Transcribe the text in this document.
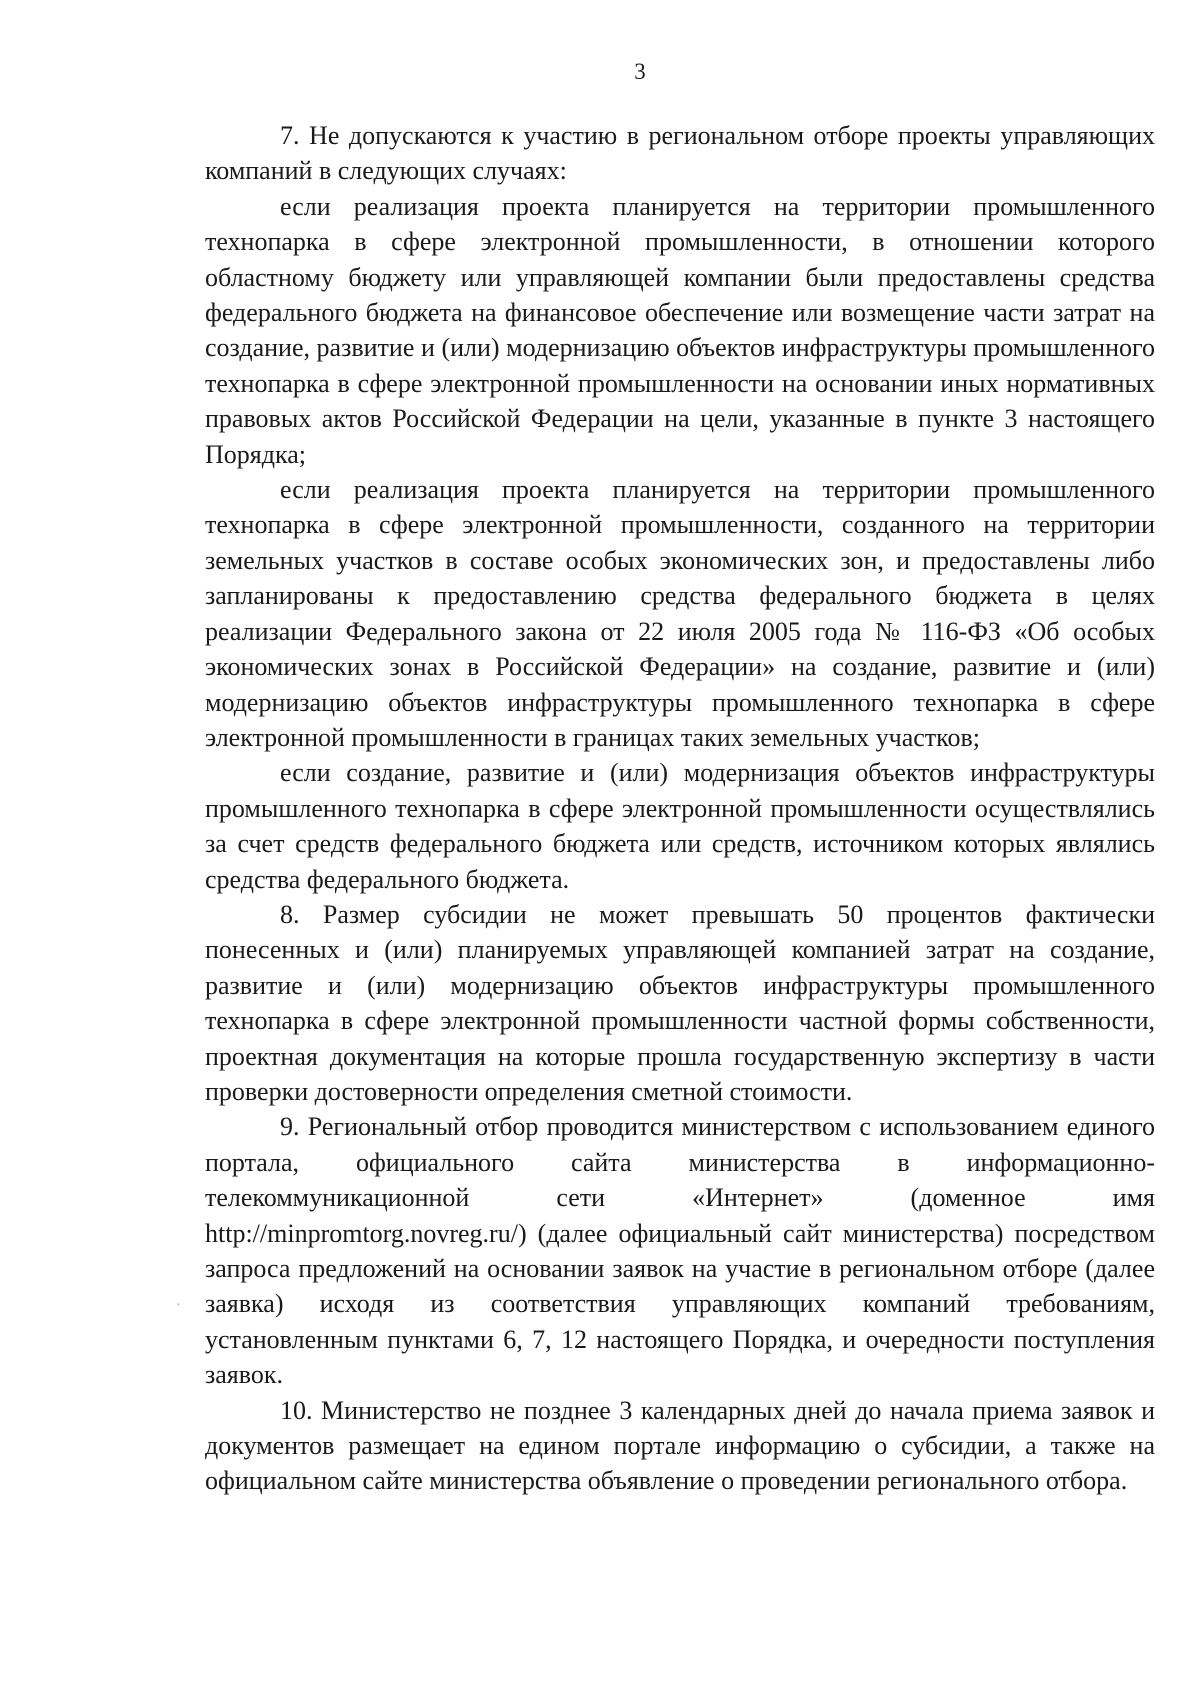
3

7. Не допускаются к участию в региональном отборе проекты управляющих компаний в следующих случаях:

если реализация проекта планируется на территории промышленного технопарка в сфере электронной промышленности, в отношении которого областному бюджету или управляющей компании были предоставлены средства федерального бюджета на финансовое обеспечение или возмещение части затрат на создание, развитие и (или) модернизацию объектов инфраструктуры промышленного технопарка в сфере электронной промышленности на основании иных нормативных правовых актов Российской Федерации на цели, указанные в пункте 3 настоящего Порядка;

если реализация проекта планируется на территории промышленного технопарка в сфере электронной промышленности, созданного на территории земельных участков в составе особых экономических зон, и предоставлены либо запланированы к предоставлению средства федерального бюджета в целях реализации Федерального закона от 22 июля 2005 года № 116-ФЗ «Об особых экономических зонах в Российской Федерации» на создание, развитие и (или) модернизацию объектов инфраструктуры промышленного технопарка в сфере электронной промышленности в границах таких земельных участков;

если создание, развитие и (или) модернизация объектов инфраструктуры промышленного технопарка в сфере электронной промышленности осуществлялись за счет средств федерального бюджета или средств, источником которых являлись средства федерального бюджета.

8. Размер субсидии не может превышать 50 процентов фактически понесенных и (или) планируемых управляющей компанией затрат на создание, развитие и (или) модернизацию объектов инфраструктуры промышленного технопарка в сфере электронной промышленности частной формы собственности, проектная документация на которые прошла государственную экспертизу в части проверки достоверности определения сметной стоимости.

9. Региональный отбор проводится министерством с использованием единого портала, официального сайта министерства в информационно-телекоммуникационной сети «Интернет» (доменное имя http://minpromtorg.novreg.ru/) (далее официальный сайт министерства) посредством запроса предложений на основании заявок на участие в региональном отборе (далее заявка) исходя из соответствия управляющих компаний требованиям, установленным пунктами 6, 7, 12 настоящего Порядка, и очередности поступления заявок.

10. Министерство не позднее 3 календарных дней до начала приема заявок и документов размещает на едином портале информацию о субсидии, а также на официальном сайте министерства объявление о проведении регионального отбора.

·
